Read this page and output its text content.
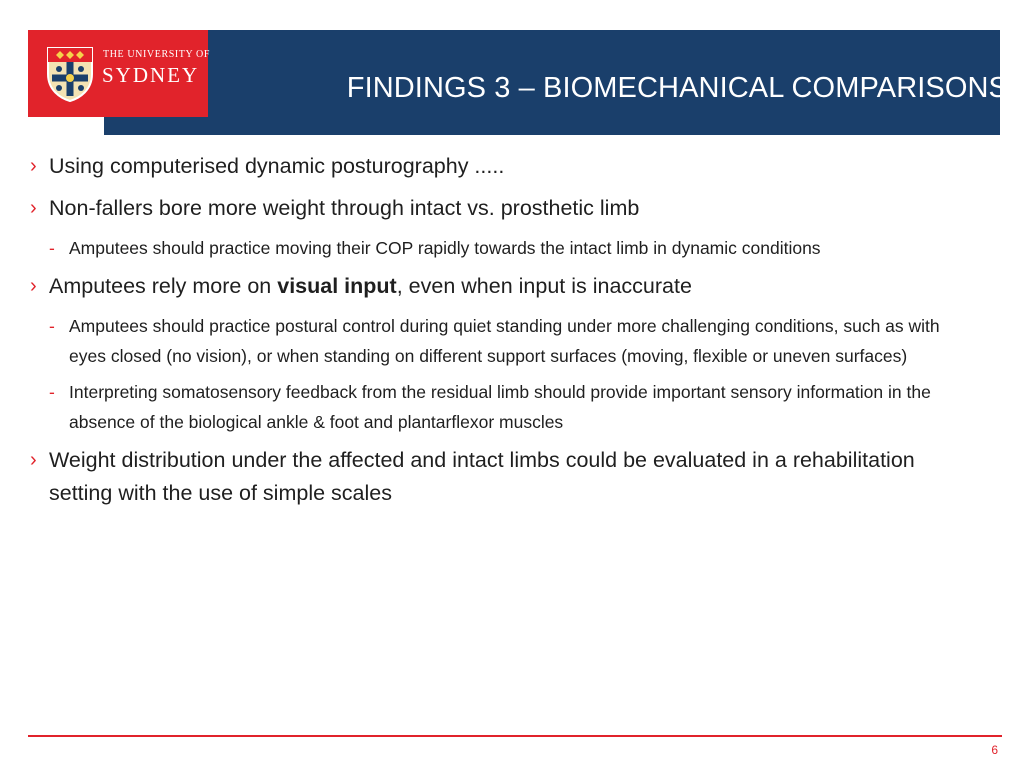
FINDINGS 3 – BIOMECHANICAL COMPARISONS
THE UNIVERSITY OF
SYDNEY
› Using computerised dynamic posturography .....
› Non-fallers bore more weight through intact vs. prosthetic limb
- Amputees should practice moving their COP rapidly towards the intact limb in dynamic conditions
› Amputees rely more on visual input, even when input is inaccurate
- Amputees should practice postural control during quiet standing under more challenging conditions, such as with eyes closed (no vision), or when standing on different support surfaces (moving, flexible or uneven surfaces)
- Interpreting somatosensory feedback from the residual limb should provide important sensory information in the absence of the biological ankle & foot and plantarflexor muscles
› Weight distribution under the affected and intact limbs could be evaluated in a rehabilitation setting with the use of simple scales
6
